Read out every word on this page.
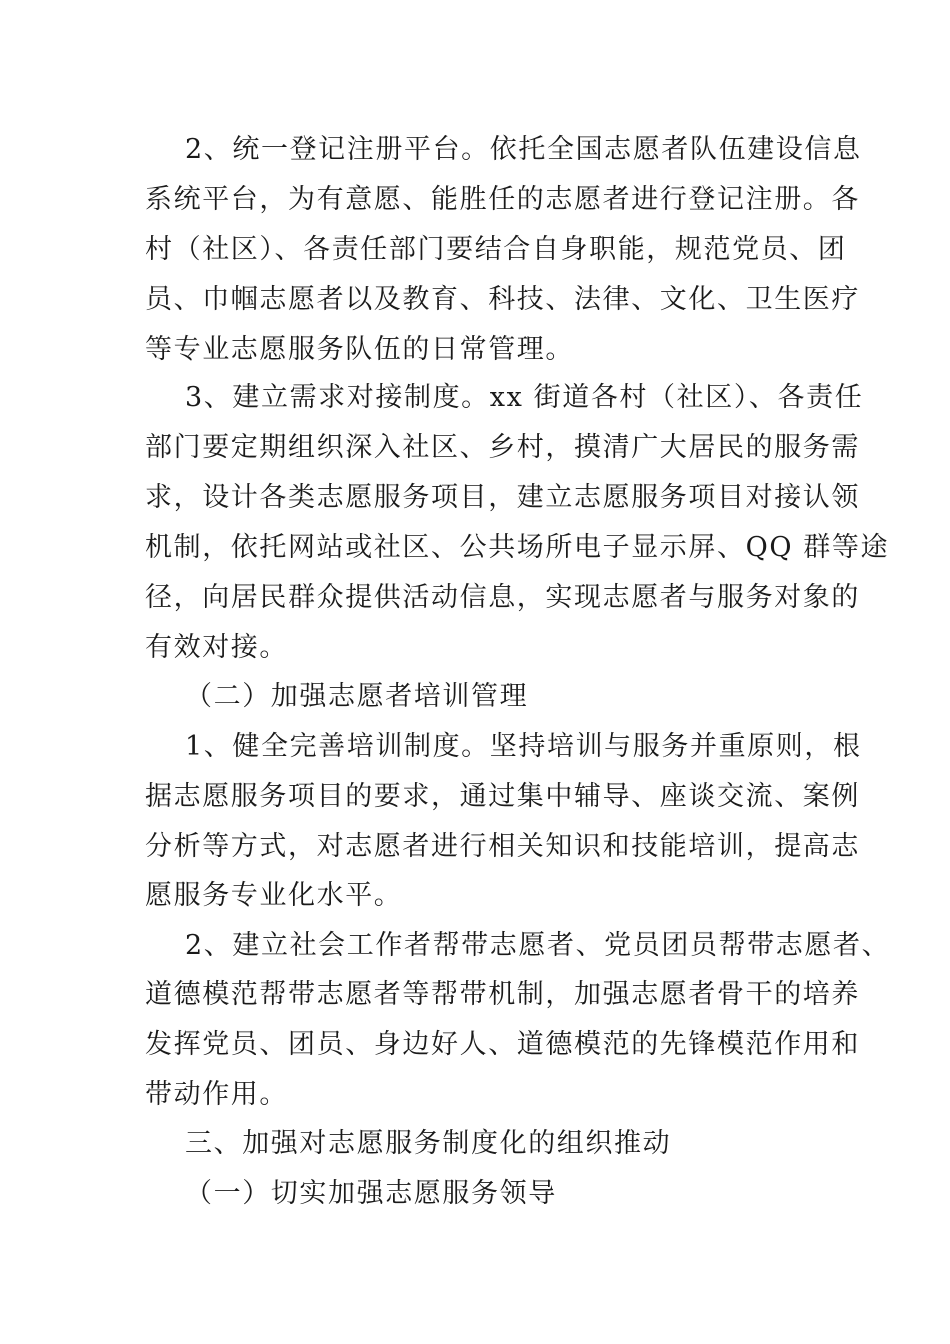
2、统一登记注册平台。依托全国志愿者队伍建设信息
系统平台，为有意愿、能胜任的志愿者进行登记注册。各
村（社区）、各责任部门要结合自身职能，规范党员、团
员、巾帼志愿者以及教育、科技、法律、文化、卫生医疗
等专业志愿服务队伍的日常管理。
3、建立需求对接制度。xx 街道各村（社区）、各责任
部门要定期组织深入社区、乡村，摸清广大居民的服务需
求，设计各类志愿服务项目，建立志愿服务项目对接认领
机制，依托网站或社区、公共场所电子显示屏、QQ 群等途
径，向居民群众提供活动信息，实现志愿者与服务对象的
有效对接。
（二）加强志愿者培训管理
1、健全完善培训制度。坚持培训与服务并重原则，根
据志愿服务项目的要求，通过集中辅导、座谈交流、案例
分析等方式，对志愿者进行相关知识和技能培训，提高志
愿服务专业化水平。
2、建立社会工作者帮带志愿者、党员团员帮带志愿者、
道德模范帮带志愿者等帮带机制，加强志愿者骨干的培养
发挥党员、团员、身边好人、道德模范的先锋模范作用和
带动作用。
三、加强对志愿服务制度化的组织推动
（一）切实加强志愿服务领导
